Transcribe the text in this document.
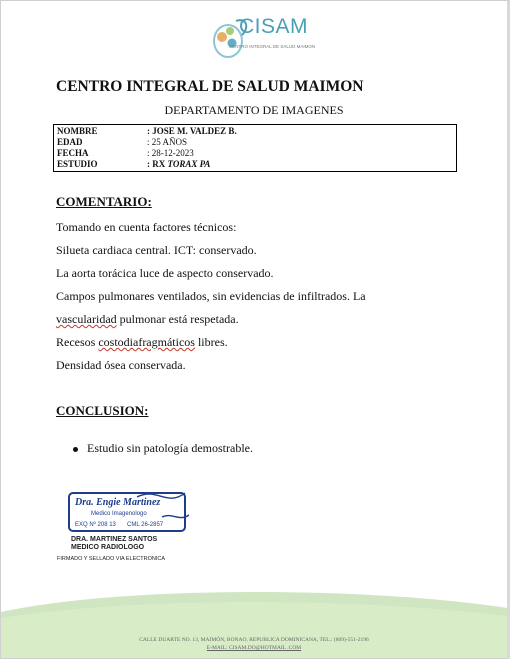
CISAM
CENTRO INTEGRAL DE SALUD MAIMON
CENTRO INTEGRAL DE SALUD MAIMON
DEPARTAMENTO DE IMAGENES
NOMBRE	: JOSE M. VALDEZ B.
EDAD	: 25 AÑOS
FECHA	: 28-12-2023
ESTUDIO	: RX TORAX PA
COMENTARIO:
Tomando en cuenta factores técnicos:
Silueta cardiaca central. ICT: conservado.
La aorta torácica luce de aspecto conservado.
Campos pulmonares ventilados, sin evidencias de infiltrados. La
vascularidad pulmonar está respetada.
Recesos costodiafragmáticos libres.
Densidad ósea conservada.
CONCLUSION:
Estudio sin patología demostrable.
Dra. Engie Martinez
Medico Imagenologo
EXQ Nº 208 13 CML 26-2857
DRA. MARTINEZ SANTOS
MEDICO RADIOLOGO
FIRMADO Y SELLADO VIA ELECTRONICA
CALLE DUARTE NO. 13, MAIMÓN, BONAO, REPUBLICA DOMINICANA, TEL.: (809)-551-2196
E-MAIL: CISAM.DO@HOTMAIL .COM
